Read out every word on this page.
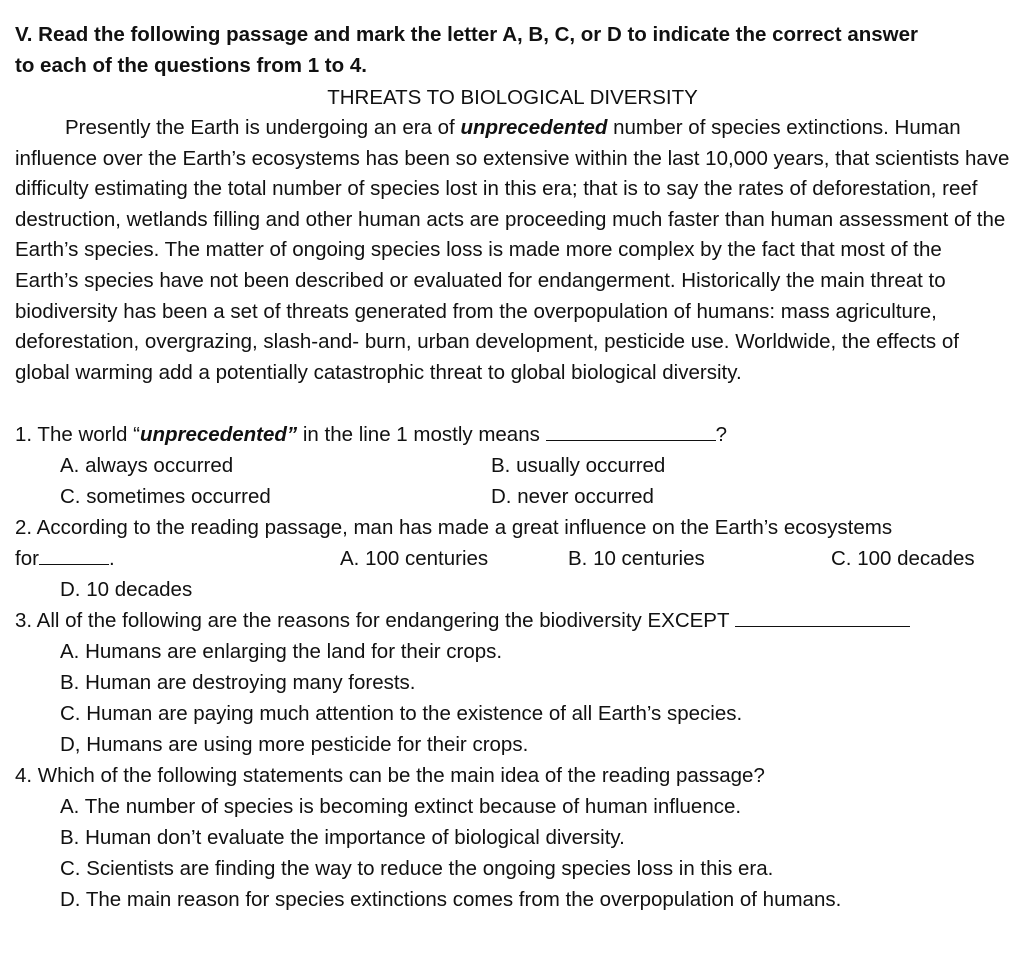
V. Read the following passage and mark the letter A, B, C, or D to indicate the correct answer
to each of the questions from 1 to 4.
THREATS TO BIOLOGICAL DIVERSITY

Presently the Earth is undergoing an era of unprecedented number of species extinctions. Human influence over the Earth’s ecosystems has been so extensive within the last 10,000 years, that scientists have difficulty estimating the total number of species lost in this era; that is to say the rates of deforestation, reef destruction, wetlands filling and other human acts are proceeding much faster than human assessment of the Earth’s species. The matter of ongoing species loss is made more complex by the fact that most of the Earth’s species have not been described or evaluated for endangerment. Historically the main threat to biodiversity has been a set of threats generated from the overpopulation of humans: mass agriculture, deforestation, overgrazing, slash-and- burn, urban development, pesticide use. Worldwide, the effects of global warming add a potentially catastrophic threat to global biological diversity.

1. The world “unprecedented” in the line 1 mostly means	?
A. always occurred	B. usually occurred
C. sometimes occurred	D. never occurred
2. According to the reading passage, man has made a great influence on the Earth’s ecosystems
for	.	A. 100 centuries	B. 10 centuries	C. 100 decades
D. 10 decades
3. All of the following are the reasons for endangering the biodiversity EXCEPT
A. Humans are enlarging the land for their crops.
B. Human are destroying many forests.
C. Human are paying much attention to the existence of all Earth’s species.
D, Humans are using more pesticide for their crops.
4. Which of the following statements can be the main idea of the reading passage?
A. The number of species is becoming extinct because of human influence.
B. Human don’t evaluate the importance of biological diversity.
C. Scientists are finding the way to reduce the ongoing species loss in this era.
D. The main reason for species extinctions comes from the overpopulation of humans.
